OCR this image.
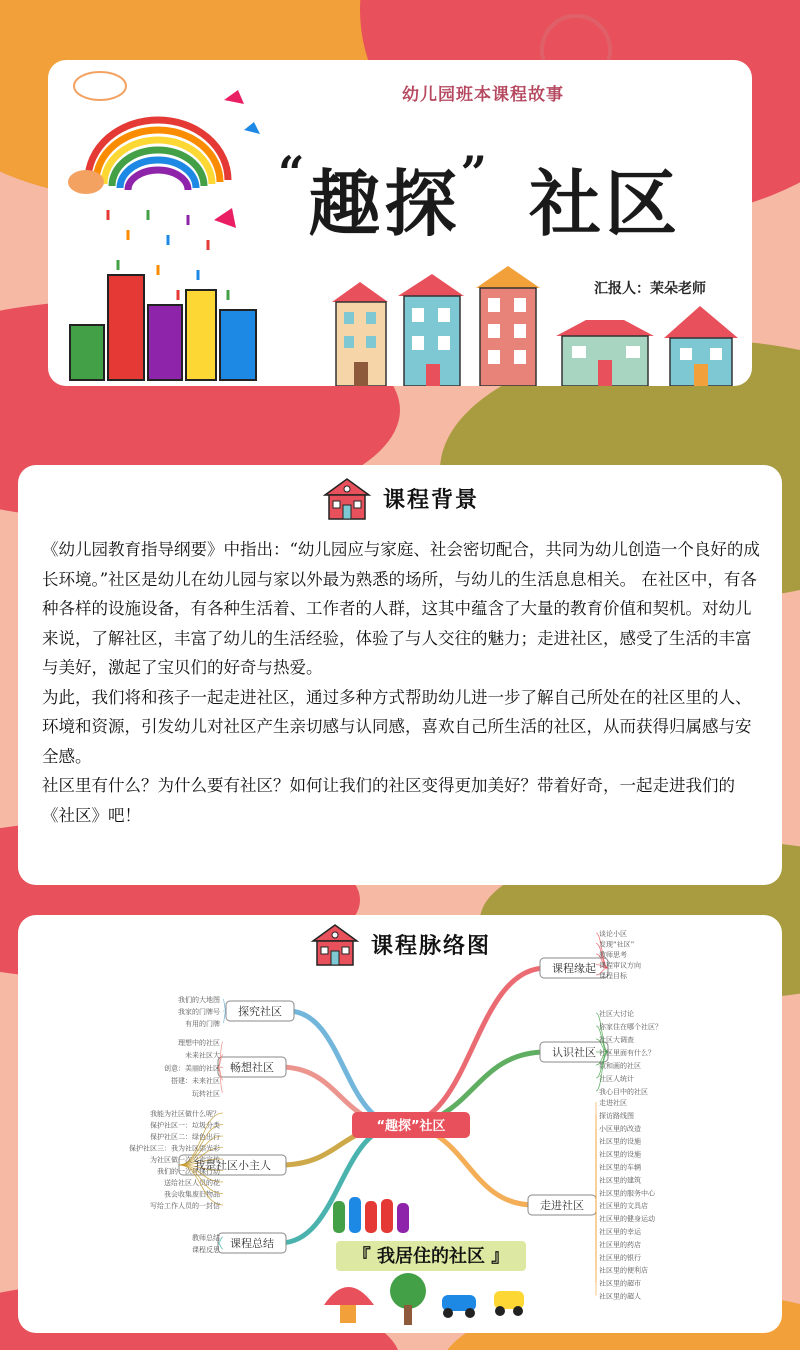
幼儿园班本课程故事
“趣探” 社区
汇报人：茉朵老师
课程背景

《幼儿园教育指导纲要》中指出：“幼儿园应与家庭、社会密切配合，共同为幼儿创造一个良好的成长环境。”社区是幼儿在幼儿园与家以外最为熟悉的场所，与幼儿的生活息息相关。 在社区中，有各种各样的设施设备，有各种生活着、工作者的人群，这其中蕴含了大量的教育价值和契机。对幼儿来说，了解社区，丰富了幼儿的生活经验，体验了与人交往的魅力；走进社区，感受了生活的丰富与美好，激起了宝贝们的好奇与热爱。

为此，我们将和孩子一起走进社区，通过多种方式帮助幼儿进一步了解自己所处在的社区里的人、环境和资源，引发幼儿对社区产生亲切感与认同感，喜欢自己所生活的社区，从而获得归属感与安全感。

社区里有什么？为什么要有社区？如何让我们的社区变得更加美好？带着好奇，一起走进我们的《社区》吧！

课程脉络图
课程缘起
谈论小区
发现“社区”
教师思考
课程审议方向
课程目标
认识社区
社区大讨论
你家住在哪个社区？
社区大调查
社区里面有什么？
数和画的社区
社区人统计
我心目中的社区
走进社区
走进社区
探访路线图
小区里的改造
社区里的设施
社区里的设施
社区里的车辆
社区里的建筑
社区里的服务中心
社区里的文具店
社区里的健身运动
社区里的幸运
社区里的药店
社区里的银行
社区里的便利店
社区里的超市
社区里的超人
探究社区
我们的大地图
我家的门牌号
有用的门牌
畅想社区
理想中的社区
未来社区大
创意：美丽的社区
搭建：未来社区
玩转社区
我是社区小主人
我能为社区做什么呢？
保护社区一：垃圾分类
保护社区二：绿色出行
保护社区三：我为社区添光彩
为社区做一次义卖宣传
我们的一次环保行动
送给社区人员的花
我会收集废旧物品
写给工作人员的一封信
课程总结
教师总结
课程反思
“趣探”社区
『 我居住的社区 』
